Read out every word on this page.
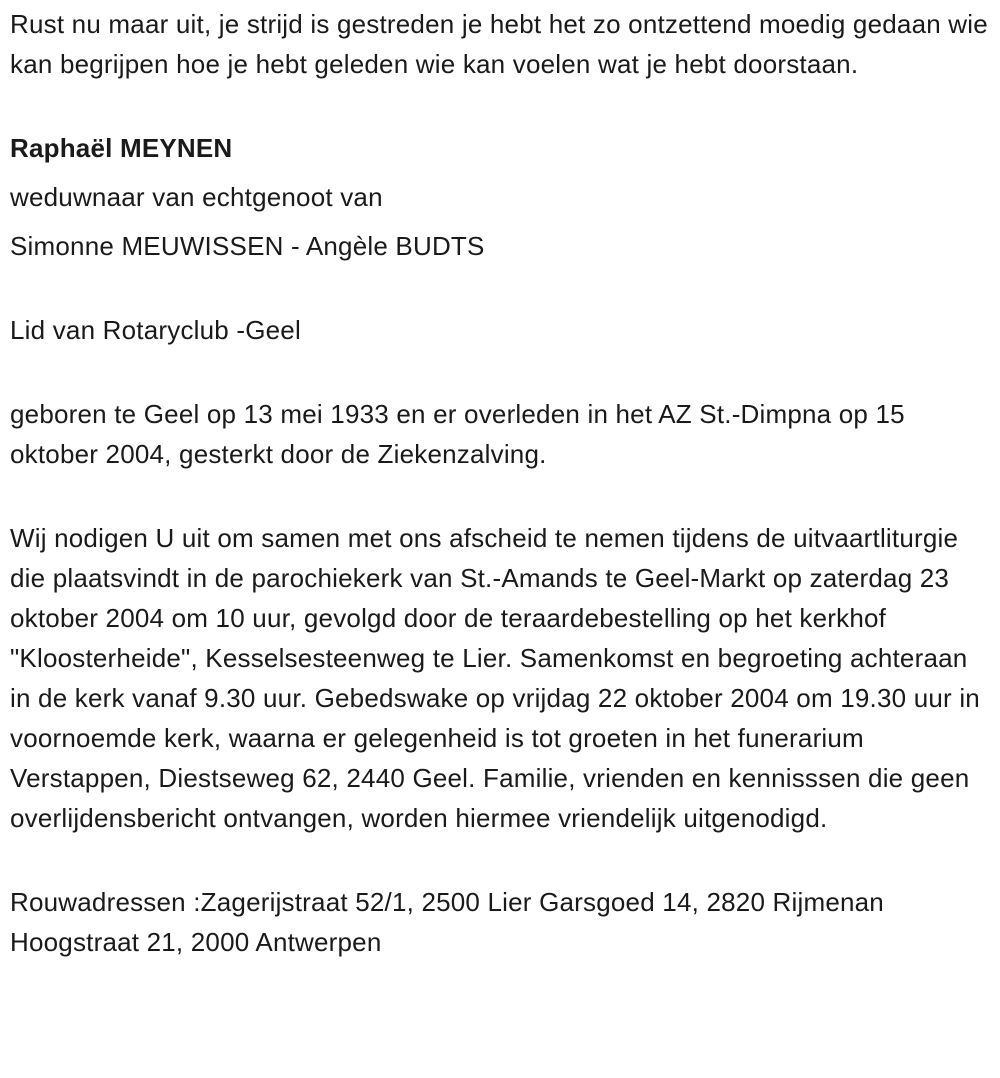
Rust nu maar uit, je strijd is gestreden je hebt het zo ontzettend moedig gedaan wie kan begrijpen hoe je hebt geleden wie kan voelen wat je hebt doorstaan.

Raphaël MEYNEN

weduwnaar van echtgenoot van

Simonne MEUWISSEN - Angèle BUDTS

Lid van Rotaryclub -Geel

geboren te Geel op 13 mei 1933 en er overleden in het AZ St.-Dimpna op 15 oktober 2004, gesterkt door de Ziekenzalving.

Wij nodigen U uit om samen met ons afscheid te nemen tijdens de uitvaartliturgie die plaatsvindt in de parochiekerk van St.-Amands te Geel-Markt op zaterdag 23 oktober 2004 om 10 uur, gevolgd door de teraardebestelling op het kerkhof "Kloosterheide", Kesselsesteenweg te Lier. Samenkomst en begroeting achteraan in de kerk vanaf 9.30 uur. Gebedswake op vrijdag 22 oktober 2004 om 19.30 uur in voornoemde kerk, waarna er gelegenheid is tot groeten in het funerarium Verstappen, Diestseweg 62, 2440 Geel. Familie, vrienden en kennisssen die geen overlijdensbericht ontvangen, worden hiermee vriendelijk uitgenodigd.

Rouwadressen :Zagerijstraat 52/1, 2500 Lier Garsgoed 14, 2820 Rijmenan Hoogstraat 21, 2000 Antwerpen
